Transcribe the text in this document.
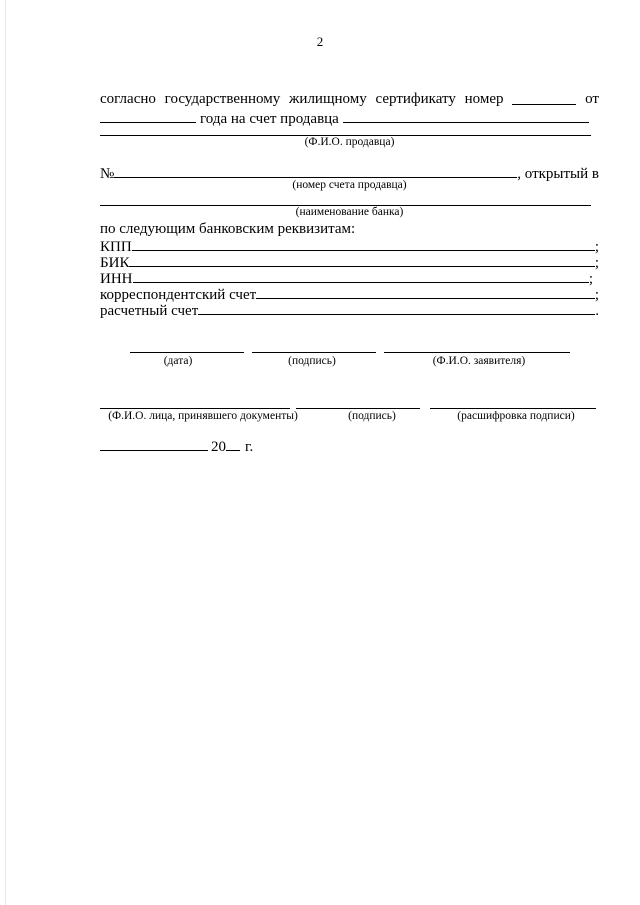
2
согласно государственному жилищному сертификату номер	от
года на счет продавца
(Ф.И.О. продавца)
№	, открытый в
(номер счета продавца)
(наименование банка)
по следующим банковским реквизитам:
КПП	;
БИК	;
ИНН	;
корреспондентский счет	;
расчетный счет	.
(дата)	(подпись)	(Ф.И.О. заявителя)
(Ф.И.О. лица, принявшего документы)	(подпись)	(расшифровка подписи)
20	г.
